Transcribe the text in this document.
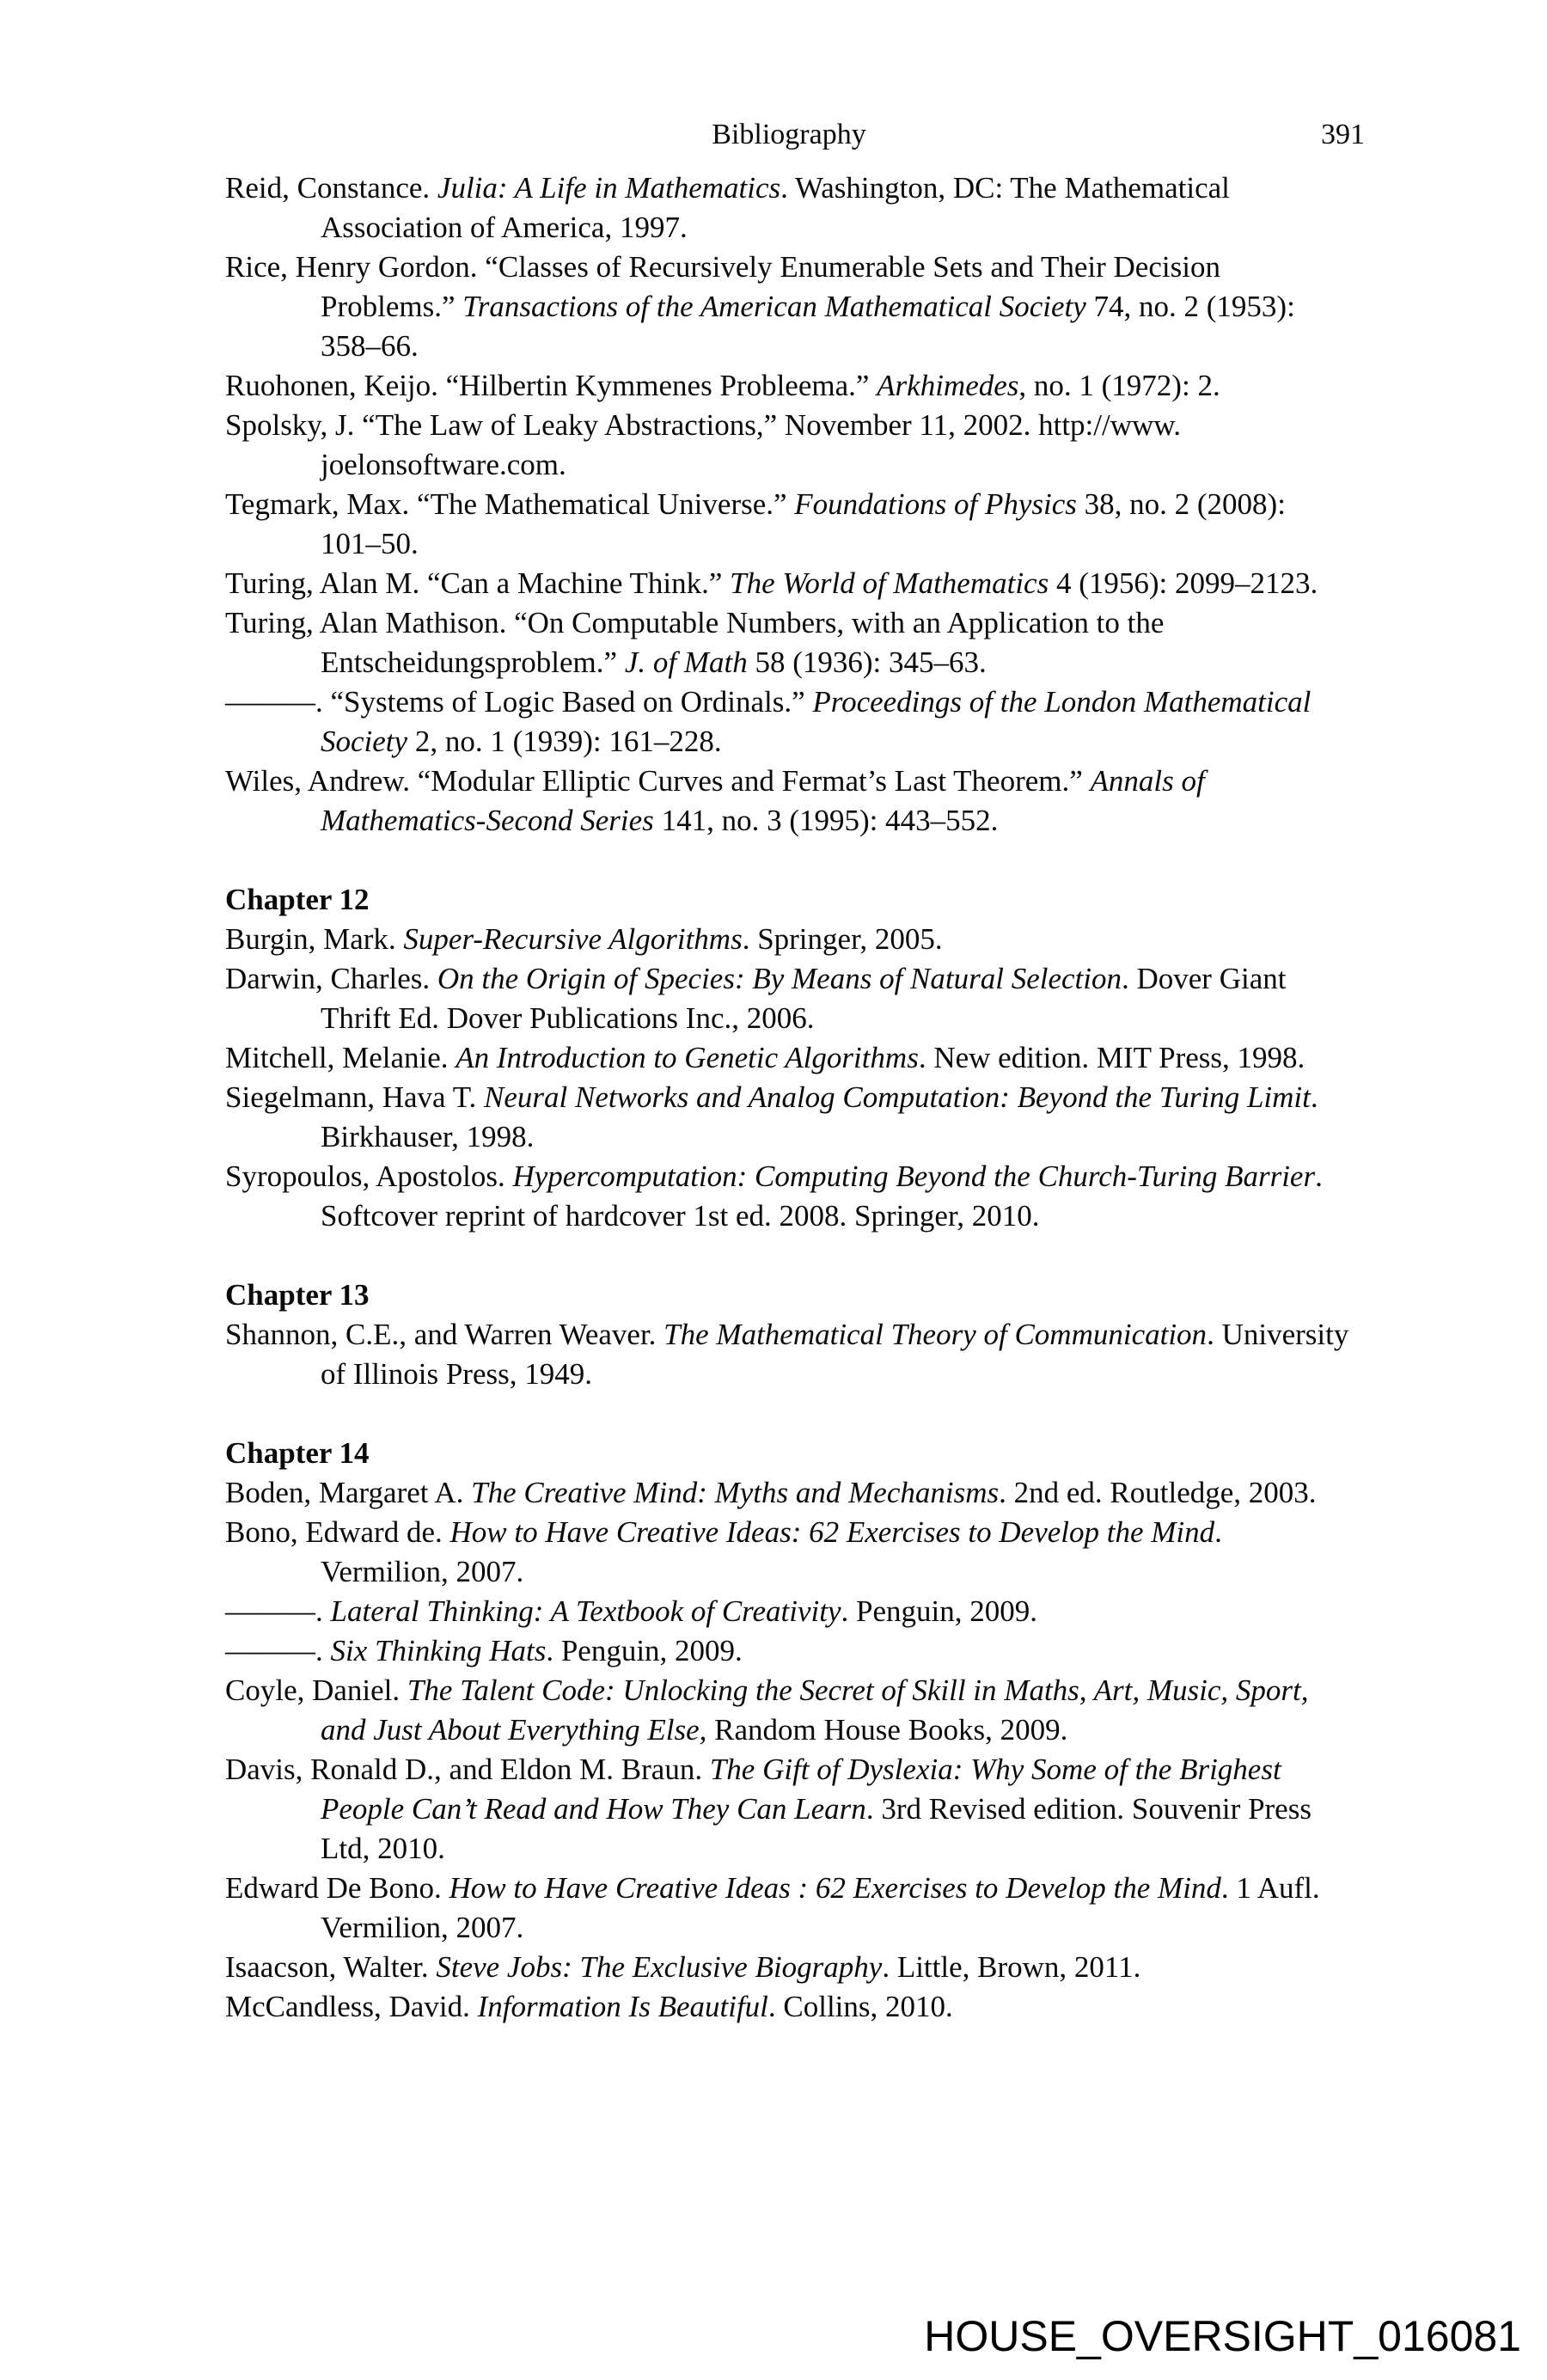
Bibliography	391

Reid, Constance. Julia: A Life in Mathematics. Washington, DC: The Mathematical Association of America, 1997.

Rice, Henry Gordon. “Classes of Recursively Enumerable Sets and Their Decision Problems.” Transactions of the American Mathematical Society 74, no. 2 (1953): 358–66.

Ruohonen, Keijo. “Hilbertin Kymmenes Probleema.” Arkhimedes, no. 1 (1972): 2.

Spolsky, J. “The Law of Leaky Abstractions,” November 11, 2002. http://www.joelonsoftware.com.

Tegmark, Max. “The Mathematical Universe.” Foundations of Physics 38, no. 2 (2008): 101–50.

Turing, Alan M. “Can a Machine Think.” The World of Mathematics 4 (1956): 2099–2123.

Turing, Alan Mathison. “On Computable Numbers, with an Application to the Entscheidungsproblem.” J. of Math 58 (1936): 345–63.

———. “Systems of Logic Based on Ordinals.” Proceedings of the London Mathematical Society 2, no. 1 (1939): 161–228.

Wiles, Andrew. “Modular Elliptic Curves and Fermat’s Last Theorem.” Annals of Mathematics-Second Series 141, no. 3 (1995): 443–552.

Chapter 12

Burgin, Mark. Super-Recursive Algorithms. Springer, 2005.

Darwin, Charles. On the Origin of Species: By Means of Natural Selection. Dover Giant Thrift Ed. Dover Publications Inc., 2006.

Mitchell, Melanie. An Introduction to Genetic Algorithms. New edition. MIT Press, 1998.

Siegelmann, Hava T. Neural Networks and Analog Computation: Beyond the Turing Limit. Birkhauser, 1998.

Syropoulos, Apostolos. Hypercomputation: Computing Beyond the Church-Turing Barrier. Softcover reprint of hardcover 1st ed. 2008. Springer, 2010.

Chapter 13

Shannon, C.E., and Warren Weaver. The Mathematical Theory of Communication. University of Illinois Press, 1949.

Chapter 14

Boden, Margaret A. The Creative Mind: Myths and Mechanisms. 2nd ed. Routledge, 2003.

Bono, Edward de. How to Have Creative Ideas: 62 Exercises to Develop the Mind. Vermilion, 2007.

———. Lateral Thinking: A Textbook of Creativity. Penguin, 2009.

———. Six Thinking Hats. Penguin, 2009.

Coyle, Daniel. The Talent Code: Unlocking the Secret of Skill in Maths, Art, Music, Sport, and Just About Everything Else, Random House Books, 2009.

Davis, Ronald D., and Eldon M. Braun. The Gift of Dyslexia: Why Some of the Brighest People Can’t Read and How They Can Learn. 3rd Revised edition. Souvenir Press Ltd, 2010.

Edward De Bono. How to Have Creative Ideas : 62 Exercises to Develop the Mind. 1 Aufl. Vermilion, 2007.

Isaacson, Walter. Steve Jobs: The Exclusive Biography. Little, Brown, 2011.

McCandless, David. Information Is Beautiful. Collins, 2010.

HOUSE_OVERSIGHT_016081
